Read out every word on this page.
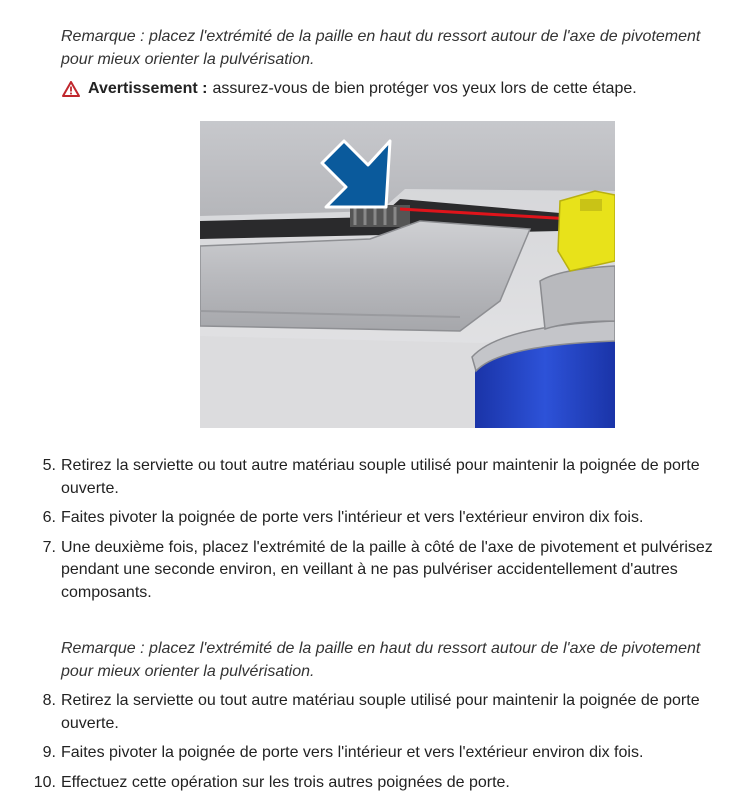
Remarque : placez l'extrémité de la paille en haut du ressort autour de l'axe de pivotement pour mieux orienter la pulvérisation.

Avertissement : assurez-vous de bien protéger vos yeux lors de cette étape.
5. Retirez la serviette ou tout autre matériau souple utilisé pour maintenir la poignée de porte ouverte.
6. Faites pivoter la poignée de porte vers l'intérieur et vers l'extérieur environ dix fois.
7. Une deuxième fois, placez l'extrémité de la paille à côté de l'axe de pivotement et pulvérisez pendant une seconde environ, en veillant à ne pas pulvériser accidentellement d'autres composants.

Remarque : placez l'extrémité de la paille en haut du ressort autour de l'axe de pivotement pour mieux orienter la pulvérisation.

8. Retirez la serviette ou tout autre matériau souple utilisé pour maintenir la poignée de porte ouverte.
9. Faites pivoter la poignée de porte vers l'intérieur et vers l'extérieur environ dix fois.
10. Effectuez cette opération sur les trois autres poignées de porte.
